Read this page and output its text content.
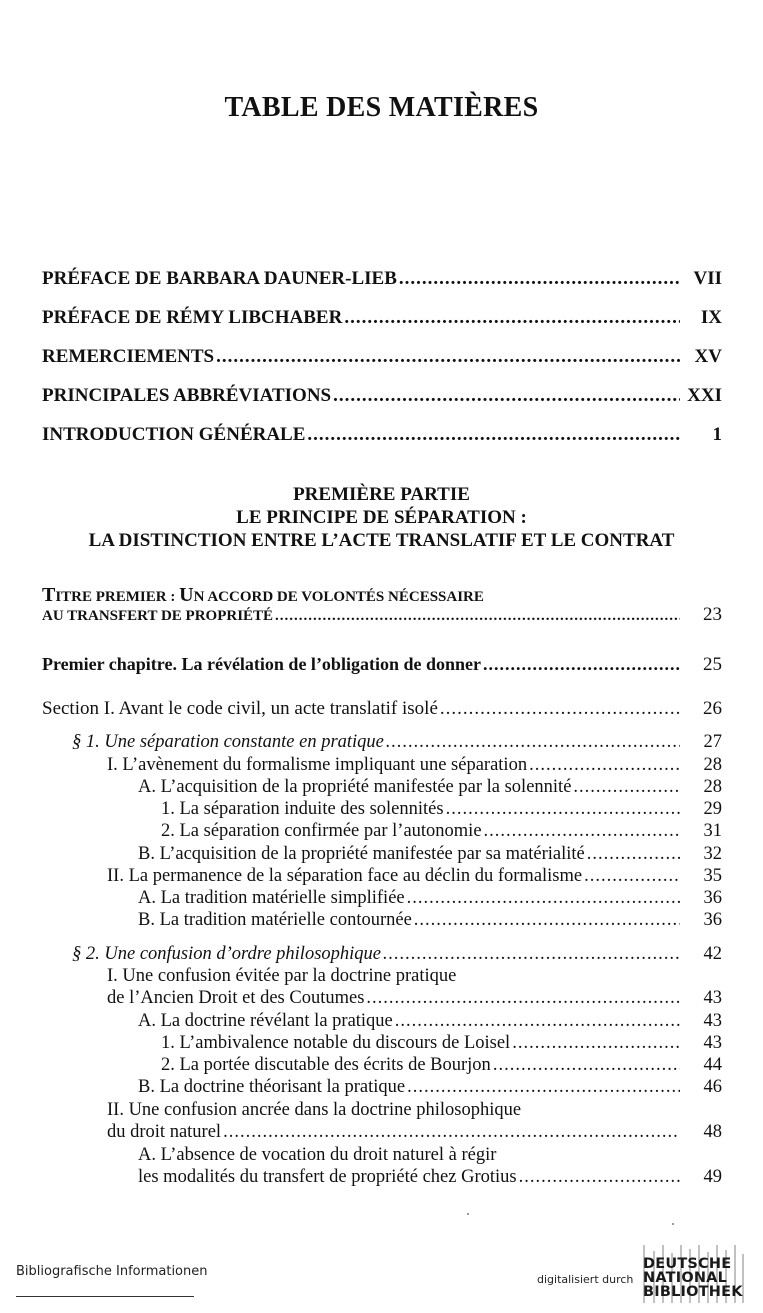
TABLE DES MATIÈRES
PRÉFACE DE BARBARA DAUNER-LIEB .....	VII
PRÉFACE DE RÉMY LIBCHABER .....	IX
REMERCIEMENTS .....	XV
PRINCIPALES ABBRÉVIATIONS .....	XXI
INTRODUCTION GÉNÉRALE .....	1
PREMIÈRE PARTIE
LE PRINCIPE DE SÉPARATION :
LA DISTINCTION ENTRE L’ACTE TRANSLATIF ET LE CONTRAT
TITRE PREMIER : UN ACCORD DE VOLONTÉS NÉCESSAIRE
AU TRANSFERT DE PROPRIÉTÉ .....	23
Premier chapitre. La révélation de l’obligation de donner .....	25
Section I. Avant le code civil, un acte translatif isolé .....	26
§ 1. Une séparation constante en pratique .....	27
I. L’avènement du formalisme impliquant une séparation .....	28
A. L’acquisition de la propriété manifestée par la solennité .....	28
1. La séparation induite des solennités .....	29
2. La séparation confirmée par l’autonomie .....	31
B. L’acquisition de la propriété manifestée par sa matérialité .....	32
II. La permanence de la séparation face au déclin du formalisme .....	35
A. La tradition matérielle simplifiée .....	36
B. La tradition matérielle contournée .....	36
§ 2. Une confusion d’ordre philosophique .....	42
I. Une confusion évitée par la doctrine pratique
de l’Ancien Droit et des Coutumes .....	43
A. La doctrine révélant la pratique .....	43
1. L’ambivalence notable du discours de Loisel .....	43
2. La portée discutable des écrits de Bourjon .....	44
B. La doctrine théorisant la pratique .....	46
II. Une confusion ancrée dans la doctrine philosophique
du droit naturel .....	48
A. L’absence de vocation du droit naturel à régir
les modalités du transfert de propriété chez Grotius .....	49
Bibliografische Informationen
digitalisiert durch
DEUTSCHE
NATIONAL
BIBLIOTHEK
